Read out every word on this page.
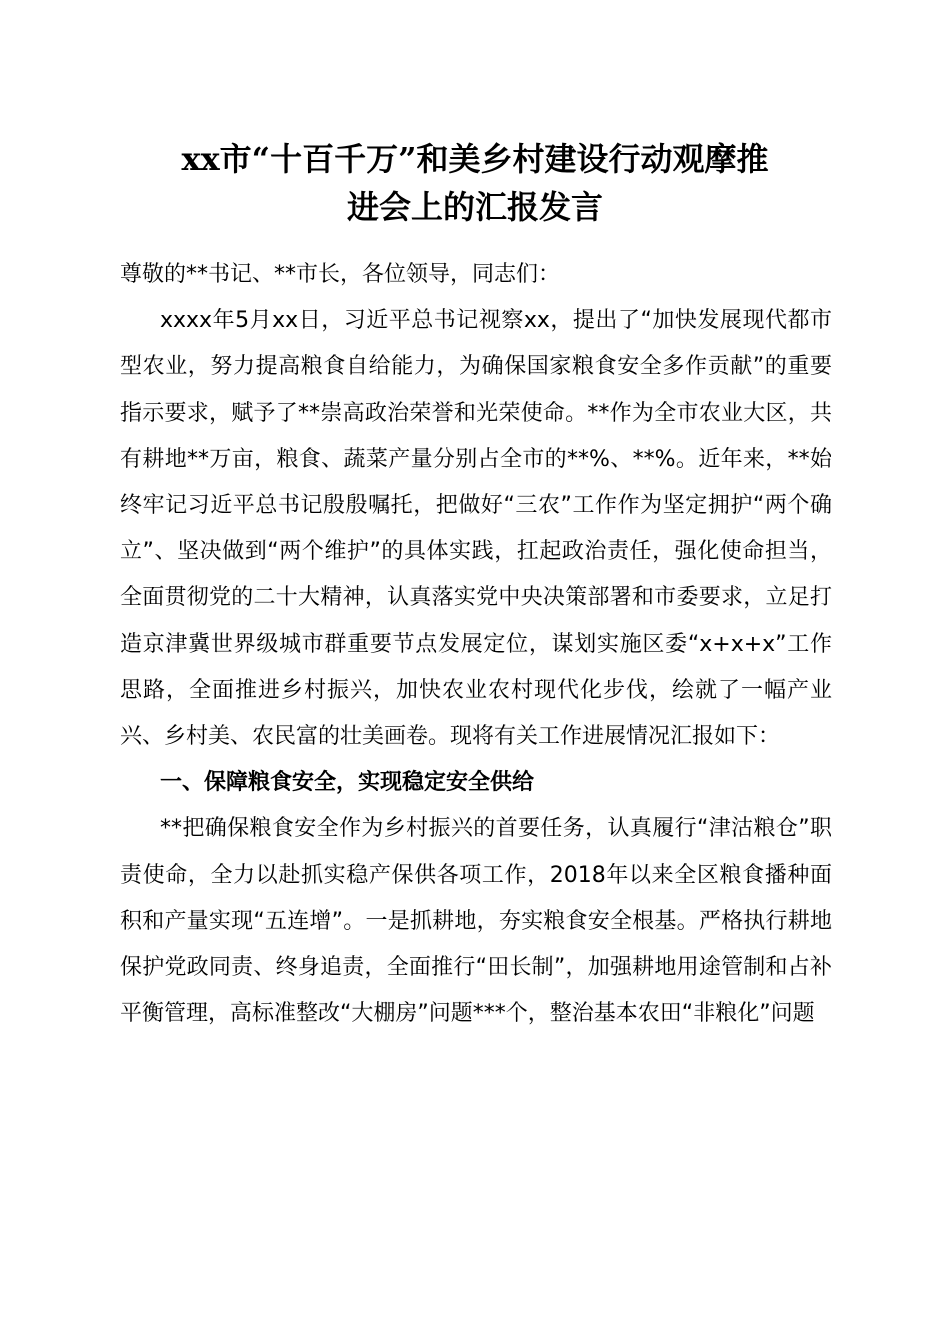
xx市“十百千万”和美乡村建设行动观摩推
进会上的汇报发言

尊敬的**书记、**市长，各位领导，同志们：

xxxx年5月xx日，习近平总书记视察xx，提出了“加快发展现代都市型农业，努力提高粮食自给能力，为确保国家粮食安全多作贡献”的重要指示要求，赋予了**崇高政治荣誉和光荣使命。**作为全市农业大区，共有耕地**万亩，粮食、蔬菜产量分别占全市的**%、**%。近年来，**始终牢记习近平总书记殷殷嘱托，把做好“三农”工作作为坚定拥护“两个确立”、坚决做到“两个维护”的具体实践，扛起政治责任，强化使命担当，全面贯彻党的二十大精神，认真落实党中央决策部署和市委要求，立足打造京津冀世界级城市群重要节点发展定位，谋划实施区委“x+x+x”工作思路，全面推进乡村振兴，加快农业农村现代化步伐，绘就了一幅产业兴、乡村美、农民富的壮美画卷。现将有关工作进展情况汇报如下：

一、保障粮食安全，实现稳定安全供给

**把确保粮食安全作为乡村振兴的首要任务，认真履行“津沽粮仓”职责使命，全力以赴抓实稳产保供各项工作，2018年以来全区粮食播种面积和产量实现“五连增”。一是抓耕地，夯实粮食安全根基。严格执行耕地保护党政同责、终身追责，全面推行“田长制”，加强耕地用途管制和占补平衡管理，高标准整改“大棚房”问题***个，整治基本农田“非粮化”问题
